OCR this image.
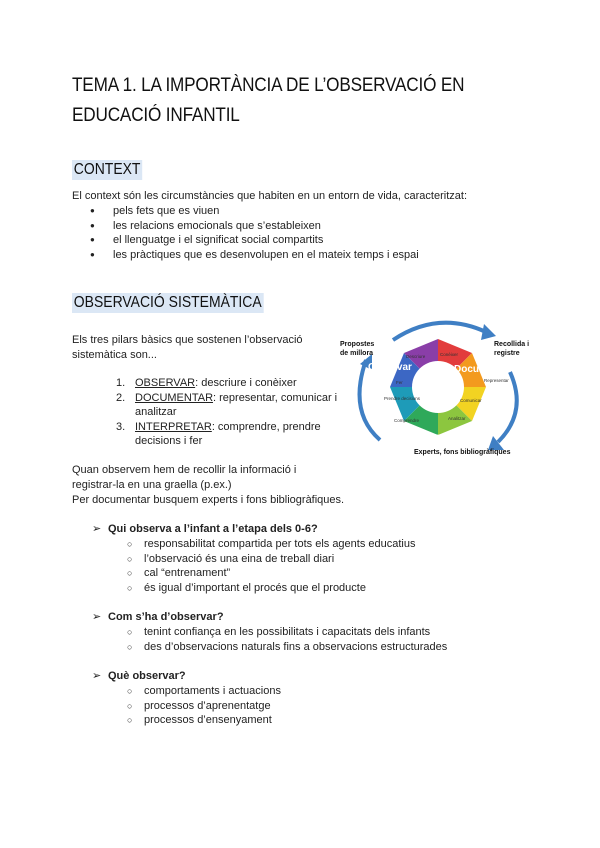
TEMA 1. LA IMPORTÀNCIA DE L’OBSERVACIÓ EN EDUCACIÓ INFANTIL
CONTEXT
El context són les circumstàncies que habiten en un entorn de vida, caracteritzat:
● pels fets que es viuen
● les relacions emocionals que s’estableixen
● el llenguatge i el significat social compartits
● les pràctiques que es desenvolupen en el mateix temps i espai
OBSERVACIÓ SISTEMÀTICA
Els tres pilars bàsics que sostenen l’observació
sistemàtica son...
1. OBSERVAR: descriure i conèixer
2. DOCUMENTAR: representar, comunicar i
analitzar
3. INTERPRETAR: comprendre, prendre
decisions i fer
Quan observem hem de recollir la informació i
registrar-la en una graella (p.ex.)
Per documentar busquem experts i fons bibliogràfiques.
Observar	Documentar
Interpretar
Descriure	Conèixer
Representar
Comunicar
Analitzar
Comprendre
Prendre decisions
Fer
Propostes
de millora
Recollida i
registre
Experts, fons bibliogràfiques
➢ Qui observa a l’infant a l’etapa dels 0-6?
○ responsabilitat compartida per tots els agents educatius
○ l’observació és una eina de treball diari
○ cal “entrenament”
○ és igual d’important el procés que el producte
➢ Com s’ha d’observar?
○ tenint confiança en les possibilitats i capacitats dels infants
○ des d’observacions naturals fins a observacions estructurades
➢ Què observar?
○ comportaments i actuacions
○ processos d’aprenentatge
○ processos d’ensenyament
